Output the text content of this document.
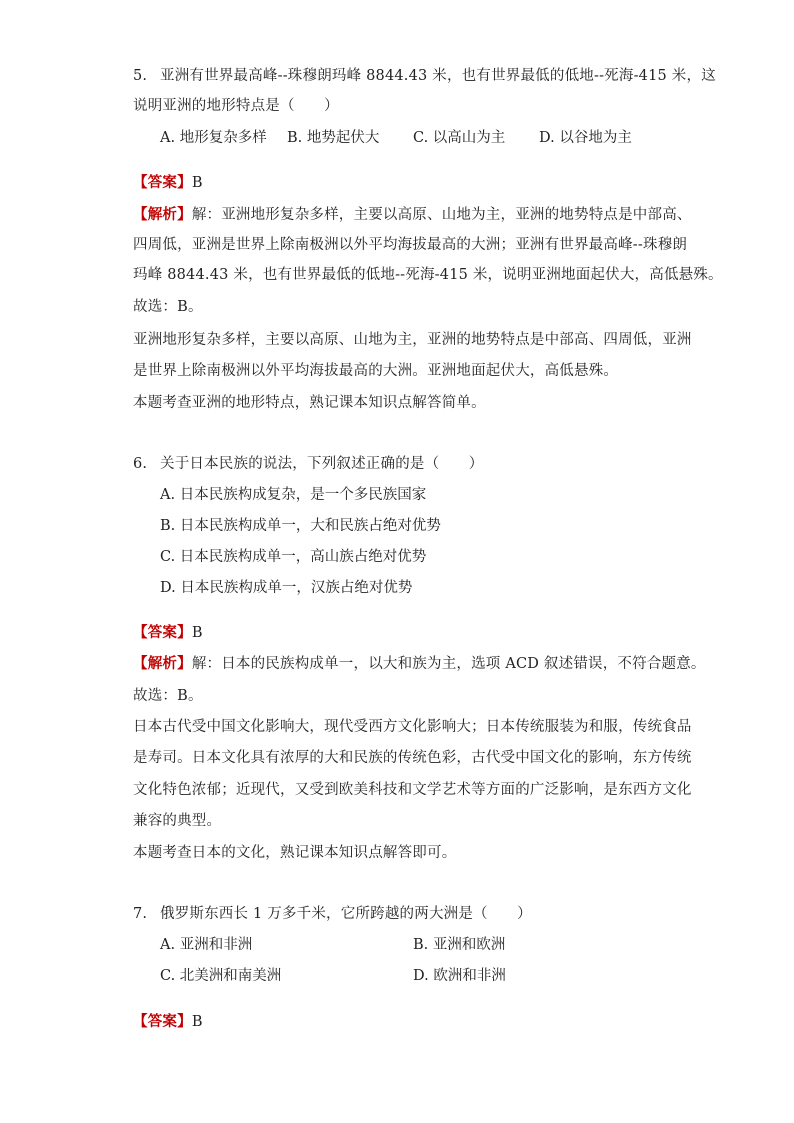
5. 亚洲有世界最高峰--珠穆朗玛峰 8844.43 米，也有世界最低的低地--死海-415 米，这
说明亚洲的地形特点是（　　）
A. 地形复杂多样 B. 地势起伏大 C. 以高山为主 D. 以谷地为主
【答案】B
【解析】解：亚洲地形复杂多样，主要以高原、山地为主，亚洲的地势特点是中部高、
四周低，亚洲是世界上除南极洲以外平均海拔最高的大洲；亚洲有世界最高峰--珠穆朗
玛峰 8844.43 米，也有世界最低的低地--死海-415 米，说明亚洲地面起伏大，高低悬殊。
故选：B。
亚洲地形复杂多样，主要以高原、山地为主，亚洲的地势特点是中部高、四周低，亚洲
是世界上除南极洲以外平均海拔最高的大洲。亚洲地面起伏大，高低悬殊。
本题考查亚洲的地形特点，熟记课本知识点解答简单。
6. 关于日本民族的说法，下列叙述正确的是（　　）
A. 日本民族构成复杂，是一个多民族国家
B. 日本民族构成单一，大和民族占绝对优势
C. 日本民族构成单一，高山族占绝对优势
D. 日本民族构成单一，汉族占绝对优势
【答案】B
【解析】解：日本的民族构成单一，以大和族为主，选项 ACD 叙述错误，不符合题意。
故选：B。
日本古代受中国文化影响大，现代受西方文化影响大；日本传统服装为和服，传统食品
是寿司。日本文化具有浓厚的大和民族的传统色彩，古代受中国文化的影响，东方传统
文化特色浓郁；近现代，又受到欧美科技和文学艺术等方面的广泛影响，是东西方文化
兼容的典型。
本题考查日本的文化，熟记课本知识点解答即可。
7. 俄罗斯东西长 1 万多千米，它所跨越的两大洲是（　　）
A. 亚洲和非洲	B. 亚洲和欧洲
C. 北美洲和南美洲	D. 欧洲和非洲
【答案】B
